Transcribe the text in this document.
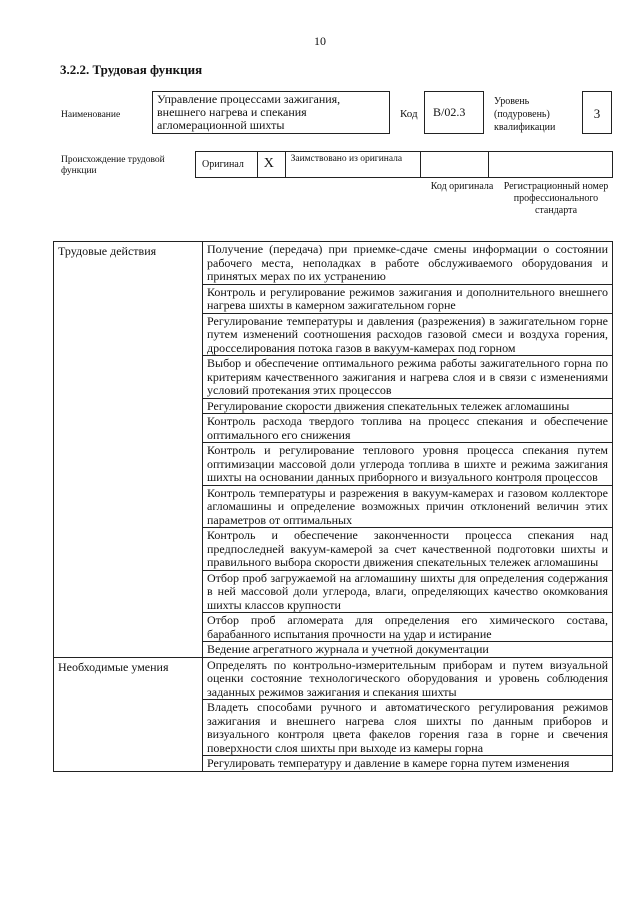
10
3.2.2. Трудовая функция
Наименование
Управление процессами зажигания, внешнего нагрева и спекания агломерационной шихты
Код	В/02.3
Уровень (подуровень) квалификации
3
Происхождение трудовой функции
Оригинал	X	Заимствовано из оригинала
Код оригинала	Регистрационный номер профессионального стандарта
Трудовые действия	Получение (передача) при приемке-сдаче смены информации о состоянии рабочего места, неполадках в работе обслуживаемого оборудования и принятых мерах по их устранению
	Контроль и регулирование режимов зажигания и дополнительного внешнего нагрева шихты в камерном зажигательном горне
	Регулирование температуры и давления (разрежения) в зажигательном горне путем изменений соотношения расходов газовой смеси и воздуха горения, дросселирования потока газов в вакуум-камерах под горном
	Выбор и обеспечение оптимального режима работы зажигательного горна по критериям качественного зажигания и нагрева слоя и в связи с изменениями условий протекания этих процессов
	Регулирование скорости движения спекательных тележек агломашины
	Контроль расхода твердого топлива на процесс спекания и обеспечение оптимального его снижения
	Контроль и регулирование теплового уровня процесса спекания путем оптимизации массовой доли углерода топлива в шихте и режима зажигания шихты на основании данных приборного и визуального контроля процессов
	Контроль температуры и разрежения в вакуум-камерах и газовом коллекторе агломашины и определение возможных причин отклонений величин этих параметров от оптимальных
	Контроль и обеспечение законченности процесса спекания над предпоследней вакуум-камерой за счет качественной подготовки шихты и правильного выбора скорости движения спекательных тележек агломашины
	Отбор проб загружаемой на агломашину шихты для определения содержания в ней массовой доли углерода, влаги, определяющих качество окомкования шихты классов крупности
	Отбор проб агломерата для определения его химического состава, барабанного испытания прочности на удар и истирание
	Ведение агрегатного журнала и учетной документации
Необходимые умения	Определять по контрольно-измерительным приборам и путем визуальной оценки состояние технологического оборудования и уровень соблюдения заданных режимов зажигания и спекания шихты
	Владеть способами ручного и автоматического регулирования режимов зажигания и внешнего нагрева слоя шихты по данным приборов и визуального контроля цвета факелов горения газа в горне и свечения поверхности слоя шихты при выходе из камеры горна
	Регулировать температуру и давление в камере горна путем изменения
